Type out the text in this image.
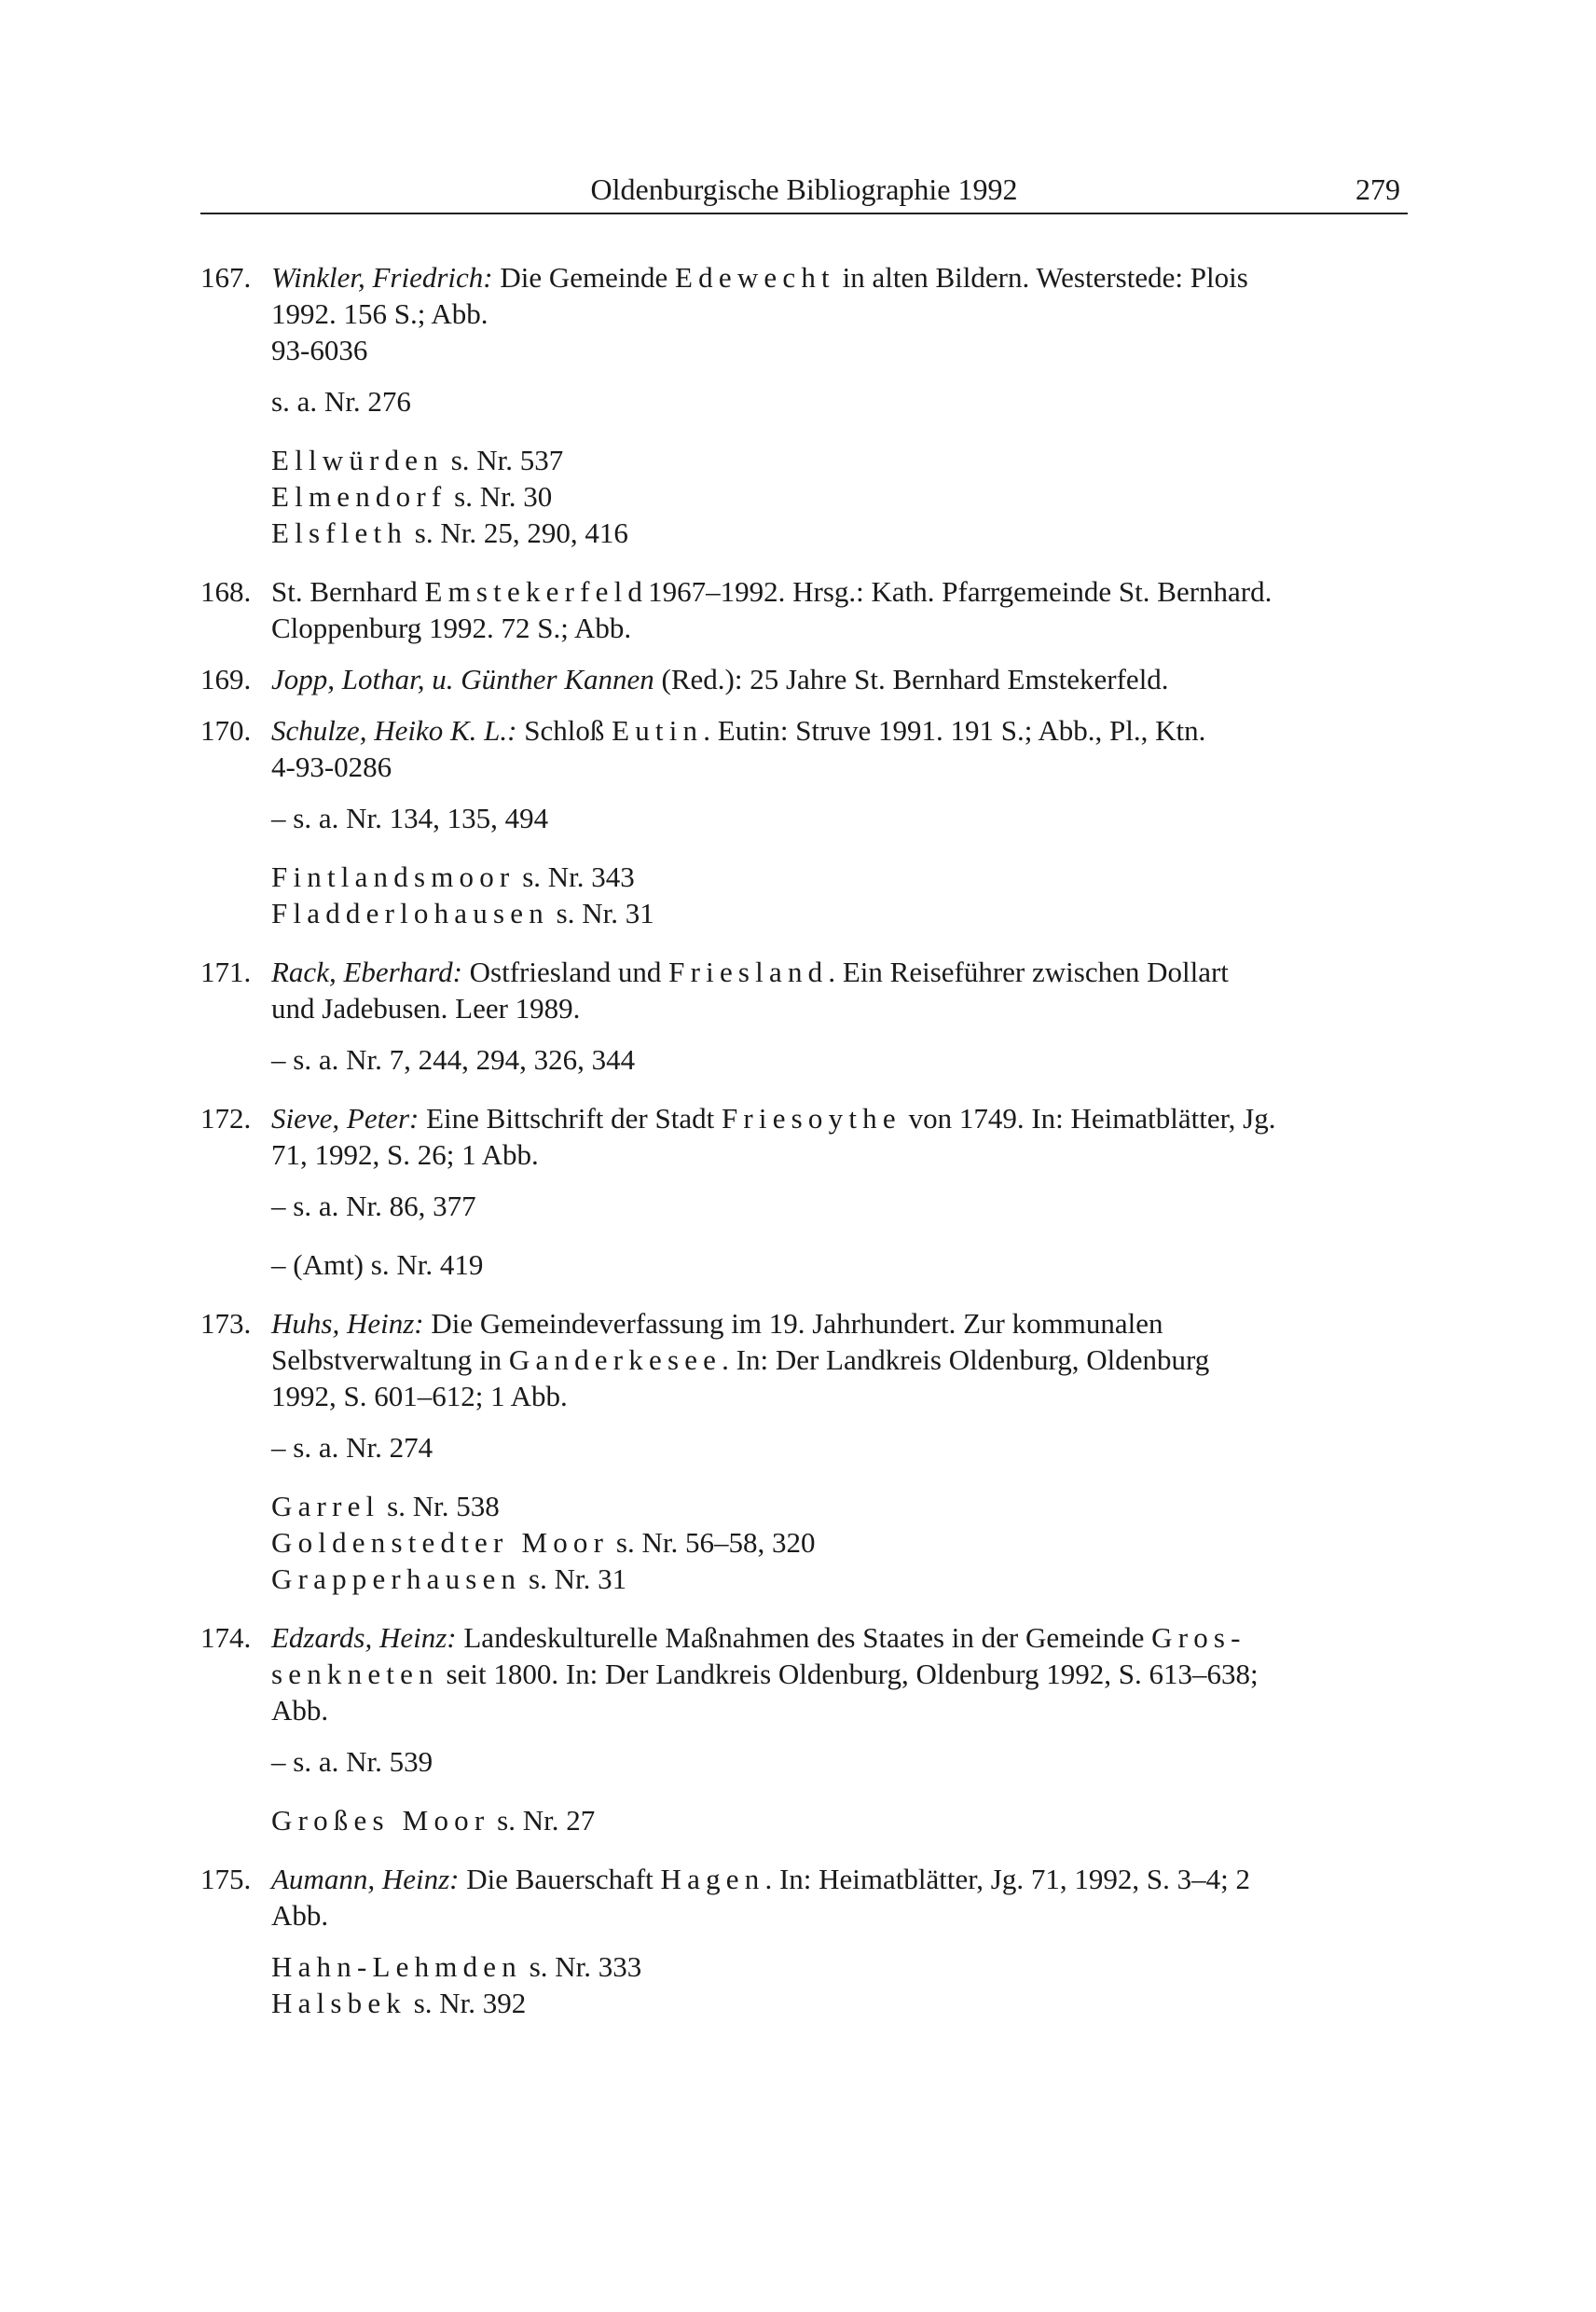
Oldenburgische Bibliographie 1992	279
167. Winkler, Friedrich: Die Gemeinde Edewecht in alten Bildern. Westerstede: Plois
1992. 156 S.; Abb.
93-6036
s. a. Nr. 276
Ellwürden s. Nr. 537
Elmendorf s. Nr. 30
Elsfleth s. Nr. 25, 290, 416
168. St. Bernhard Emstekerfeld1967–1992. Hrsg.: Kath. Pfarrgemeinde St. Bernhard.
Cloppenburg 1992. 72 S.; Abb.
169. Jopp, Lothar, u. Günther Kannen (Red.): 25 Jahre St. Bernhard Emstekerfeld.
170. Schulze, Heiko K. L.: Schloß Eutin. Eutin: Struve 1991. 191 S.; Abb., Pl., Ktn.
4-93-0286
– s. a. Nr. 134, 135, 494
Fintlandsmoor s. Nr. 343
Fladderlohausen s. Nr. 31
171. Rack, Eberhard: Ostfriesland und Friesland. Ein Reiseführer zwischen Dollart
und Jadebusen. Leer 1989.
– s. a. Nr. 7, 244, 294, 326, 344
172. Sieve, Peter: Eine Bittschrift der Stadt Friesoythe von 1749. In: Heimatblätter, Jg.
71, 1992, S. 26; 1 Abb.
– s. a. Nr. 86, 377
– (Amt) s. Nr. 419
173. Huhs, Heinz: Die Gemeindeverfassung im 19. Jahrhundert. Zur kommunalen
Selbstverwaltung in Ganderkesee. In: Der Landkreis Oldenburg, Oldenburg
1992, S. 601–612; 1 Abb.
– s. a. Nr. 274
Garrel s. Nr. 538
Goldenstedter Moor s. Nr. 56–58, 320
Grapperhausen s. Nr. 31
174. Edzards, Heinz: Landeskulturelle Maßnahmen des Staates in der Gemeinde Gros-
senkneten seit 1800. In: Der Landkreis Oldenburg, Oldenburg 1992, S. 613–638;
Abb.
– s. a. Nr. 539
Großes Moor s. Nr. 27
175. Aumann, Heinz: Die Bauerschaft Hagen. In: Heimatblätter, Jg. 71, 1992, S. 3–4; 2
Abb.
Hahn-Lehmden s. Nr. 333
Halsbek s. Nr. 392
